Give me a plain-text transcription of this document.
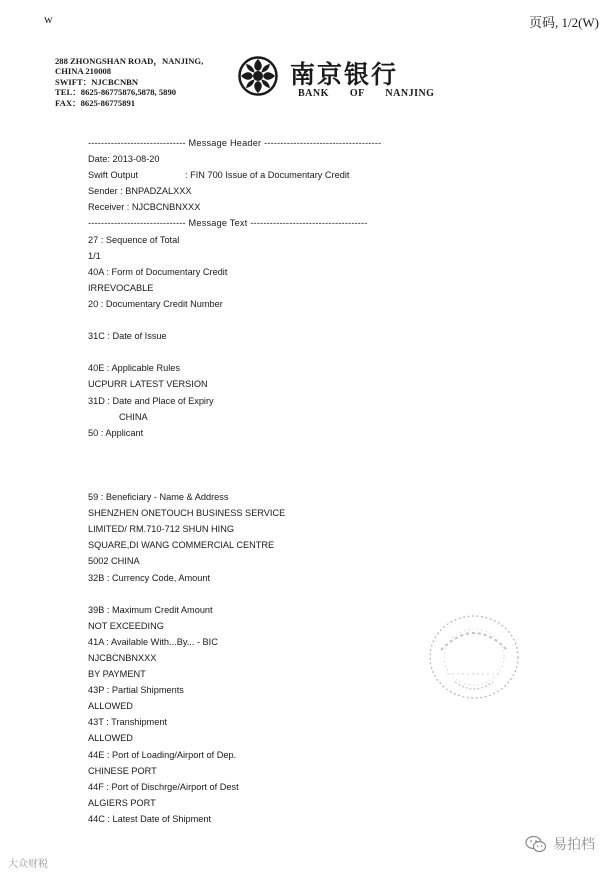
w	页码, 1/2(W)
288 ZHONGSHAN ROAD，NANJING,
CHINA 210008
SWIFT：NJCBCNBN
TEL：8625-86775876,5878, 5890
FAX：8625-86775891
南京银行
BANK OF NANJING
------------------------------ Message Header ------------------------------------
Date: 2013-08-20
Swift Output	: FIN 700 Issue of a Documentary Credit
Sender : BNPADZALXXX
Receiver : NJCBCNBNXXX
------------------------------ Message Text ------------------------------------
27 : Sequence of Total
1/1
40A : Form of Documentary Credit
IRREVOCABLE
20 : Documentary Credit Number
31C : Date of Issue
40E : Applicable Rules
UCPURR LATEST VERSION
31D : Date and Place of Expiry
CHINA
50 : Applicant
59 : Beneficiary - Name & Address
SHENZHEN ONETOUCH BUSINESS SERVICE
LIMITED/ RM.710-712 SHUN HING
SQUARE,DI WANG COMMERCIAL CENTRE
5002 CHINA
32B : Currency Code, Amount
39B : Maximum Credit Amount
NOT EXCEEDING
41A : Available With...By... - BIC
NJCBCNBNXXX
BY PAYMENT
43P : Partial Shipments
ALLOWED
43T : Transhipment
ALLOWED
44E : Port of Loading/Airport of Dep.
CHINESE PORT
44F : Port of Dischrge/Airport of Dest
ALGIERS PORT
44C : Latest Date of Shipment
大众财税
易拍档
